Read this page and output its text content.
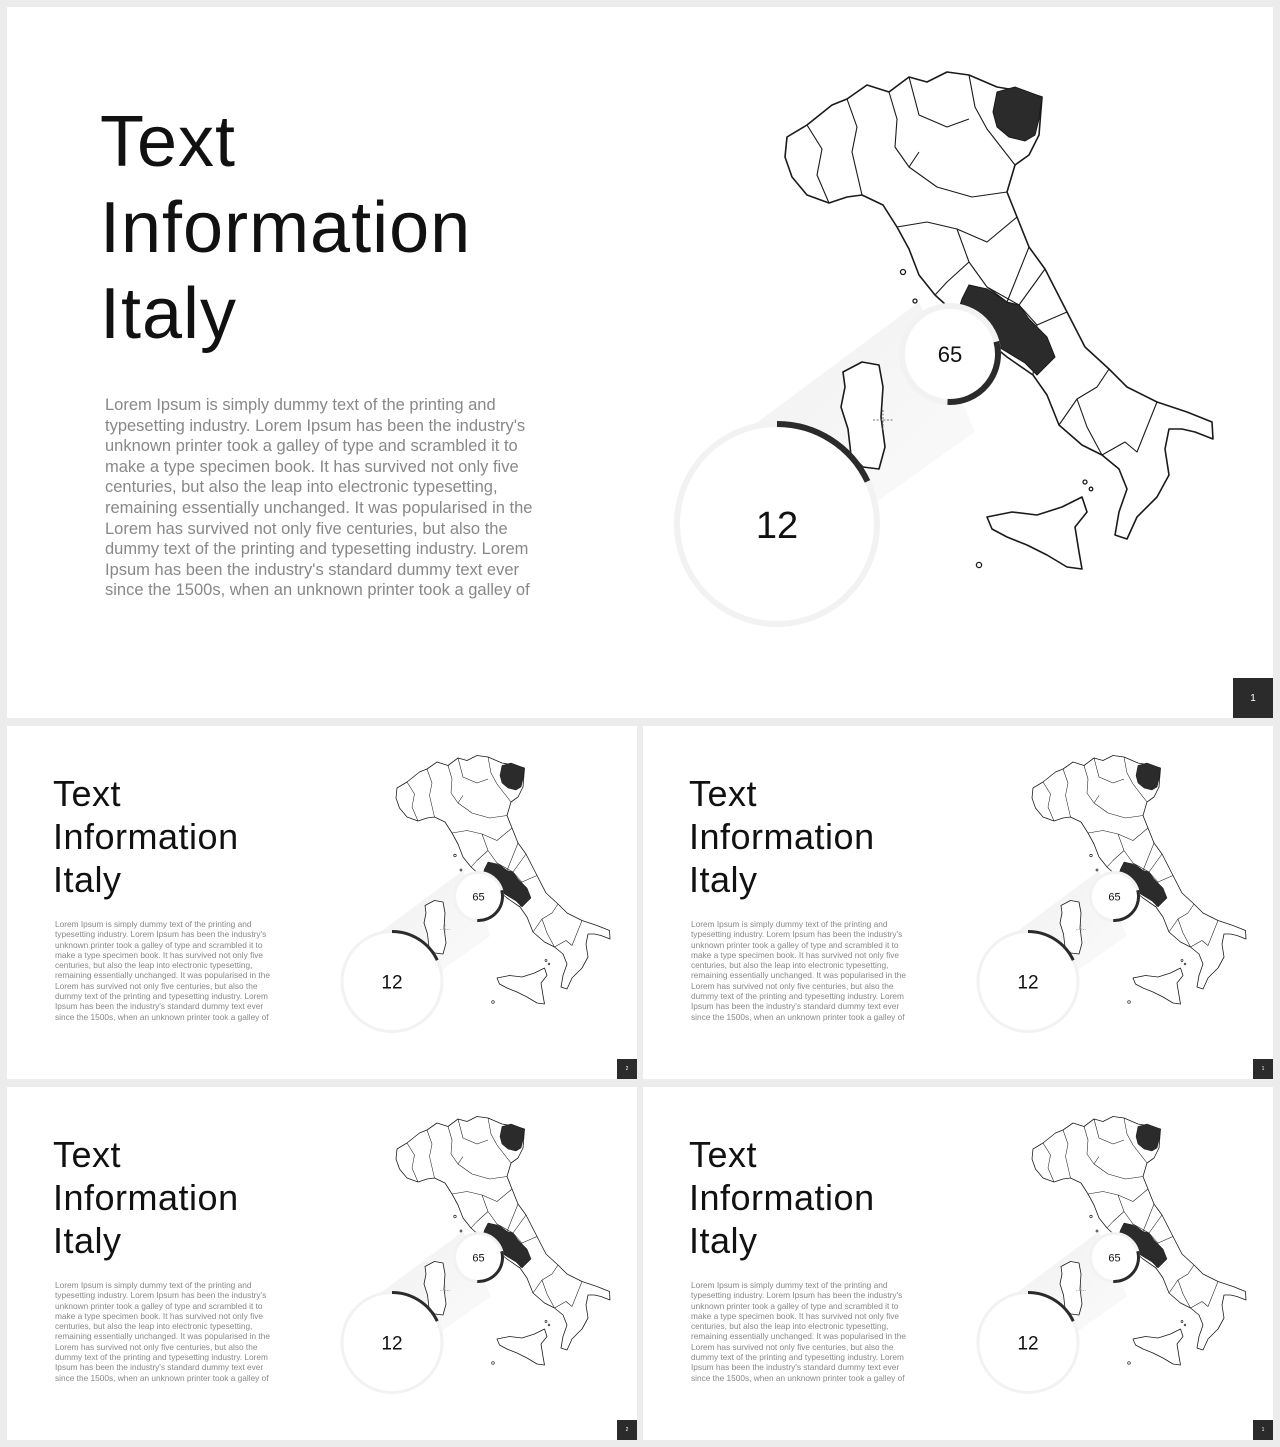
Text
Information
Italy

Lorem Ipsum is simply dummy text of the printing and typesetting industry. Lorem Ipsum has been the industry's unknown printer took a galley of type and scrambled it to make a type specimen book. It has survived not only five centuries, but also the leap into electronic typesetting, remaining essentially unchanged. It was popularised in the Lorem has survived not only five centuries, but also the dummy text of the printing and typesetting industry. Lorem Ipsum has been the industry's standard dummy text ever since the 1500s, when an unknown printer took a galley of

65
12
1
Text
Information
Italy

Lorem Ipsum is simply dummy text of the printing and typesetting industry. Lorem Ipsum has been the industry's unknown printer took a galley of type and scrambled it to make a type specimen book. It has survived not only five centuries, but also the leap into electronic typesetting, remaining essentially unchanged. It was popularised in the Lorem has survived not only five centuries, but also the dummy text of the printing and typesetting industry. Lorem Ipsum has been the industry's standard dummy text ever since the 1500s, when an unknown printer took a galley of

65
12
2
Text
Information
Italy

Lorem Ipsum is simply dummy text of the printing and typesetting industry. Lorem Ipsum has been the industry's unknown printer took a galley of type and scrambled it to make a type specimen book. It has survived not only five centuries, but also the leap into electronic typesetting, remaining essentially unchanged. It was popularised in the Lorem has survived not only five centuries, but also the dummy text of the printing and typesetting industry. Lorem Ipsum has been the industry's standard dummy text ever since the 1500s, when an unknown printer took a galley of

65
12
1
Text
Information
Italy

Lorem Ipsum is simply dummy text of the printing and typesetting industry. Lorem Ipsum has been the industry's unknown printer took a galley of type and scrambled it to make a type specimen book. It has survived not only five centuries, but also the leap into electronic typesetting, remaining essentially unchanged. It was popularised in the Lorem has survived not only five centuries, but also the dummy text of the printing and typesetting industry. Lorem Ipsum has been the industry's standard dummy text ever since the 1500s, when an unknown printer took a galley of

65
12
2
Text
Information
Italy

Lorem Ipsum is simply dummy text of the printing and typesetting industry. Lorem Ipsum has been the industry's unknown printer took a galley of type and scrambled it to make a type specimen book. It has survived not only five centuries, but also the leap into electronic typesetting, remaining essentially unchanged. It was popularised in the Lorem has survived not only five centuries, but also the dummy text of the printing and typesetting industry. Lorem Ipsum has been the industry's standard dummy text ever since the 1500s, when an unknown printer took a galley of

65
12
1
